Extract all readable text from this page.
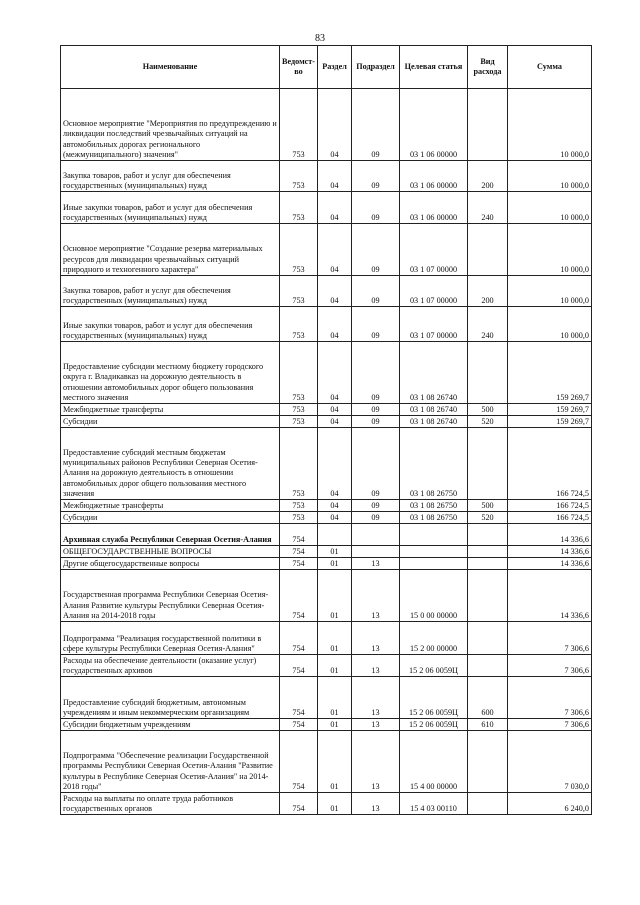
83
Наименование	Ведомст-во	Раздел	Подраздел	Целевая статья	Вид расхода	Сумма
Основное мероприятие "Мероприятия по предупреждению и ликвидации последствий чрезвычайных ситуаций на автомобильных дорогах регионального (межмуниципального) значения"	753	04	09	03 1 06 00000		10 000,0
Закупка товаров, работ и услуг для обеспечения государственных (муниципальных) нужд	753	04	09	03 1 06 00000	200	10 000,0
Иные закупки товаров, работ и услуг для обеспечения государственных (муниципальных) нужд	753	04	09	03 1 06 00000	240	10 000,0
Основное мероприятие "Создание резерва материальных ресурсов для ликвидации чрезвычайных ситуаций природного и техногенного характера"	753	04	09	03 1 07 00000		10 000,0
Закупка товаров, работ и услуг для обеспечения государственных (муниципальных) нужд	753	04	09	03 1 07 00000	200	10 000,0
Иные закупки товаров, работ и услуг для обеспечения государственных (муниципальных) нужд	753	04	09	03 1 07 00000	240	10 000,0
Предоставление субсидии местному бюджету городского округа г. Владикавказ на дорожную деятельность в отношении автомобильных дорог общего пользования местного значения	753	04	09	03 1 08 26740		159 269,7
Межбюджетные трансферты	753	04	09	03 1 08 26740	500	159 269,7
Субсидии	753	04	09	03 1 08 26740	520	159 269,7
Предоставление субсидий местным бюджетам муниципальных районов Республики Северная Осетия-Алания на дорожную деятельность в отношении автомобильных дорог общего пользования местного значения	753	04	09	03 1 08 26750		166 724,5
Межбюджетные трансферты	753	04	09	03 1 08 26750	500	166 724,5
Субсидии	753	04	09	03 1 08 26750	520	166 724,5
Архивная служба Республики Северная Осетия-Алания	754					14 336,6
ОБЩЕГОСУДАРСТВЕННЫЕ ВОПРОСЫ	754	01				14 336,6
Другие общегосударственные вопросы	754	01	13			14 336,6
Государственная программа Республики Северная Осетия-Алания Развитие культуры Республики Северная Осетия-Алания на 2014-2018 годы	754	01	13	15 0 00 00000		14 336,6
Подпрограмма "Реализация государственной политики в сфере культуры Республики Северная Осетия-Алания"	754	01	13	15 2 00 00000		7 306,6
Расходы на обеспечение деятельности (оказание услуг) государственных архивов	754	01	13	15 2 06 0059Ц		7 306,6
Предоставление субсидий бюджетным, автономным учреждениям и иным некоммерческим организациям	754	01	13	15 2 06 0059Ц	600	7 306,6
Субсидии бюджетным учреждениям	754	01	13	15 2 06 0059Ц	610	7 306,6
Подпрограмма "Обеспечение реализации Государственной программы Республики Северная Осетия-Алания "Развитие культуры в Республике Северная Осетия-Алания" на 2014-2018 годы"	754	01	13	15 4 00 00000		7 030,0
Расходы на выплаты по оплате труда работников государственных органов	754	01	13	15 4 03 00110		6 240,0
